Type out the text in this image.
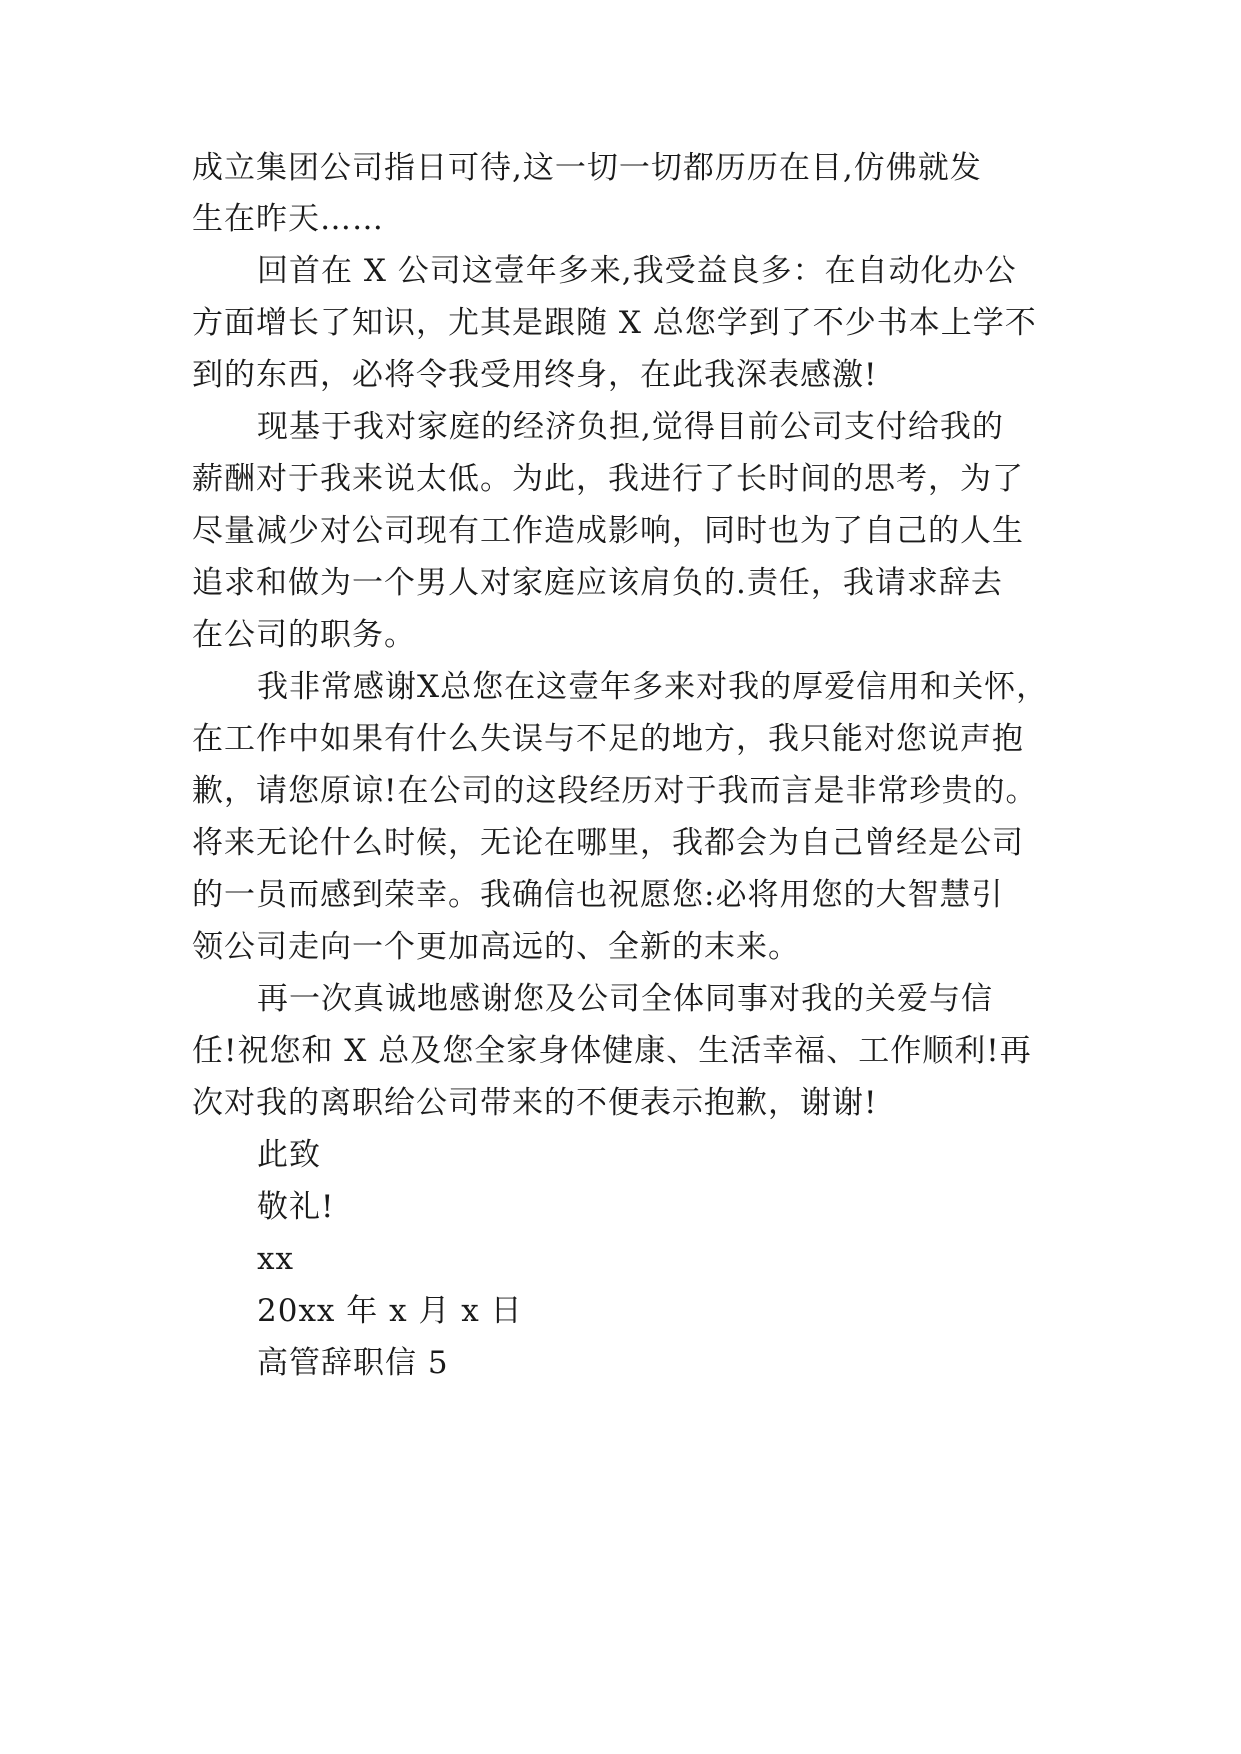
成立集团公司指日可待,这一切一切都历历在目,仿佛就发

生在昨天……

回首在 X 公司这壹年多来,我受益良多：在自动化办公

方面增长了知识，尤其是跟随 X 总您学到了不少书本上学不

到的东西，必将令我受用终身，在此我深表感激!

现基于我对家庭的经济负担,觉得目前公司支付给我的

薪酬对于我来说太低。为此，我进行了长时间的思考，为了

尽量减少对公司现有工作造成影响，同时也为了自己的人生

追求和做为一个男人对家庭应该肩负的.责任，我请求辞去

在公司的职务。

我非常感谢X总您在这壹年多来对我的厚爱信用和关怀，

在工作中如果有什么失误与不足的地方，我只能对您说声抱

歉，请您原谅!在公司的这段经历对于我而言是非常珍贵的。

将来无论什么时候，无论在哪里，我都会为自己曾经是公司

的一员而感到荣幸。我确信也祝愿您:必将用您的大智慧引

领公司走向一个更加高远的、全新的末来。

再一次真诚地感谢您及公司全体同事对我的关爱与信

任!祝您和 X 总及您全家身体健康、生活幸福、工作顺利!再

次对我的离职给公司带来的不便表示抱歉，谢谢!

此致

敬礼!

xx

20xx 年 x 月 x 日

高管辞职信 5
